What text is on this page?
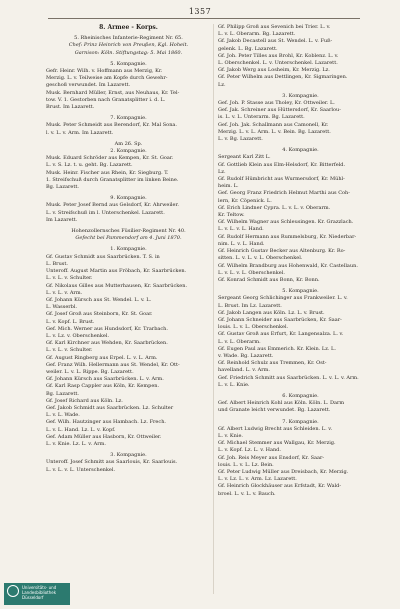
1357

8. Armee - Korps.

5. Rheinisches Infanterie-Regiment Nr. 65.

Chef: Prinz Heinrich von Preußen, Kgl. Hoheit.

Garnison: Köln. Stiftungstag: 5. Mai 1860.

5. Kompagnie.

Gefr. Heinr. Wilh. v. Hoffmann aus Merzig, Kr.

Merzig. L. v. Teilweise am Kopfe durch Gewehr-

geschoß verwundet. Im Lazarett.

Musk. Bernhard Müller, Ernst, aus Neuhaus, Kr. Tel-

tow. V. 1. Gestorben nach Granatsplitter i. d. L.

Brust. Im Lazarett.

7. Kompagnie.

Musk. Peter Schmeidt aus Berendorf, Kr. Mal Sona.

l. v. L. v. Arm. Im Lazarett.

Am 26. Sp.

2. Kompagnie.

Musk. Eduard Schröder aus Kempen, Kr. St. Goar.

L. v. S. Lz. t. u. geht. Bg. Lazarett.

Musk. Heinr. Fischer aus Rhein, Kr. Siegburg. T.

1. Streifschuß durch Granatsplitter im linken Beine.

Bg. Lazarett.

9. Kompagnie.

Musk. Peter Josef Bernd aus Gelsdorf, Kr. Ahrweiler.

L. v. Streifschuß im l. Unterschenkel. Lazarett.

Im Lazarett.

Hohenzollernsches Füsilier-Regiment Nr. 40.

Gefecht bei Pammendorf am 4. Juni 1870.

1. Kompagnie.

Gf. Gustav Schmidt aus Saarbrücken. T. S. in

L. Brust.

Unteroff. August Martin aus Fröbach, Kr. Saarbrücken.

L. v. L. v. Schulter.

Gf. Nikolaus Gilles aus Mutterhausen, Kr. Saarbrücken.

L. v. L. v. Arm.

Gf. Johann Kürsch aus St. Wendel. L. v. L.

L. Wasserbl.

Gf. Josef Groß aus Steinborn, Kr. St. Goar.

L. v. Kopf. L. Brust.

Gef. Mich. Werner aus Hundsdorf, Kr. Trarbach.

L. v. Lz. v. Oberschenkel.

Gf. Karl Kirchner aus Wehden, Kr. Saarbrücken.

L. v. L. v. Schulter.

Gf. August Ringberg aus Erpel. L. v. L. Arm.

Gef. Franz Wilh. Hellermann aus St. Wendel, Kr. Ott-

weiler. L. v. L. Rippe. Bg. Lazarett.

Gf. Johann Kürsch aus Saarbrücken. L. v. Arm.

Gf. Karl Rasp Cappler aus Köln, Kr. Kempen.

Bg. Lazarett.

Gf. Josef Richard aus Köln. Lz.

Gef. Jakob Schmidt aus Saarbrücken. Lz. Schulter

L. v. L. Wade.

Gef. Wilh. Hautzinger aus Hambach. Lz. Frech.

L. v. L. Hand. Lz. L. v. Kopf.

Gef. Adam Müller aus Hasborn, Kr. Ottweiler.

L. v. Knie. Lz. L. v. Arm.

3. Kompagnie.

Unteroff. Josef Schmitt aus Saarlouis, Kr. Saarlouis.

L. v. L. v. L. Unterschenkel.

Gf. Philipp Groß aus Sevenich bei Trier. L. v.

L. v. L. Oberarm. Bg. Lazarett.

Gf. Jakob Decastell aus St. Wendel. L. v. Fuß-

gelenk. L. Bg. Lazarett.

Gf. Joh. Peter Tilles aus Brohl, Kr. Koblenz. L. v.

L. Oberschenkel. L. v. Unterschenkel. Lazarett.

Gf. Jakob Werg aus Losheim, Kr. Merzig. Lz.

Gf. Peter Wilhelm aus Dettlingen, Kr. Sigmaringen.

Lz.

3. Kompagnie.

Gef. Joh. P. Stasse aus Tholey, Kr. Ottweiler. L.

Gef. Jak. Schreiner aus Hüttersdorf, Kr. Saarlou-

is. L. v. L. Unterarm. Bg. Lazarett.

Gef. Joh. Jak. Schallmann aus Camonell, Kr.

Merzig. L. v. L. Arm. L. v. Bein. Bg. Lazarett.

L. v. Bg. Lazarett.

4. Kompagnie.

Sergeant Karl Zitt L.

Gf. Gottlieb Klein aus Elm-Helsdorf, Kr. Bitterfeld.

Lz.

Gf. Rudolf Hümbricht aus Wurmersdorf, Kr. Mühl-

heim. L.

Gef. Georg Franz Friedrich Helmut Marthi aus Coh-

lern, Kr. Cöpenick. L.

Gf. Erich Lindner Cypra. L. v. L. v. Oberarm.

Kr. Teltow.

Gf. Wilhelm Wagner aus Schleusingen. Kr. Grazzlach.

L. v. L. v. L. Hand.

Gf. Rudolf Hermann aus Rummelsburg, Kr. Niederbar-

nim. L. v. L. Hand.

Gf. Heinrich Gustav Becker aus Altenburg. Kr. Ro-

sitten. L. v. L. v. L. Oberschenkel.

Gf. Wilhelm Brandburg aus Hohenwald, Kr. Castellaun.

L. v. L. v. L. Oberschenkel.

Gf. Konrad Schmidt aus Bonn, Kr. Bonn.

5. Kompagnie.

Sergeant Georg Schlichinger aus Frankweiler. L. v.

L. Brust. Im Lz. Lazarett.

Gf. Jakob Langen aus Köln. Lz. L. v. Brust.

Gf. Johann Schneider aus Saarbrücken, Kr. Saar-

louis. L. v. L. Oberschenkel.

Gf. Gustav Groß aus Erfurt, Kr. Langensalza. L. v.

L. v. L. Oberarm.

Gf. Eugen Paul aus Emmerich. Kr. Klein. Lz. L.

v. Wade. Bg. Lazarett.

Gf. Reinhold Schulz aus Tremmen, Kr. Ost-

havelland. L. v. Arm.

Gef. Friedrich Schmitt aus Saarbrücken. L. v. L. v. Arm.

L. v. L. Knie.

6. Kompagnie.

Gef. Albert Heinrich Kohl aus Köln. Köln. L. Darm

und Granate leicht verwundet. Bg. Lazarett.

7. Kompagnie.

Gf. Albert Ludwig Brecht aus Schleiden. L. v.

L. v. Knie.

Gf. Michael Stemmer aus Wallgau, Kr. Merzig.

L. v. Kopf. Lz. L. v. Hand.

Gf. Joh. Reis Meyer aus Ensdorf, Kr. Saar-

louis. L. v. L. Lz. Bein.

Gf. Peter Ludwig Müller aus Dreisbach, Kr. Merzig.

L. v. Lz. L. v. Arm. Lz. Lazarett.

Gf. Heinrich Glockhäuser aus Erfstadt, Kr. Wald-

broel. L. v. L. v. Bauch.

Universitäts- und
Landesbibliothek
Düsseldorf
